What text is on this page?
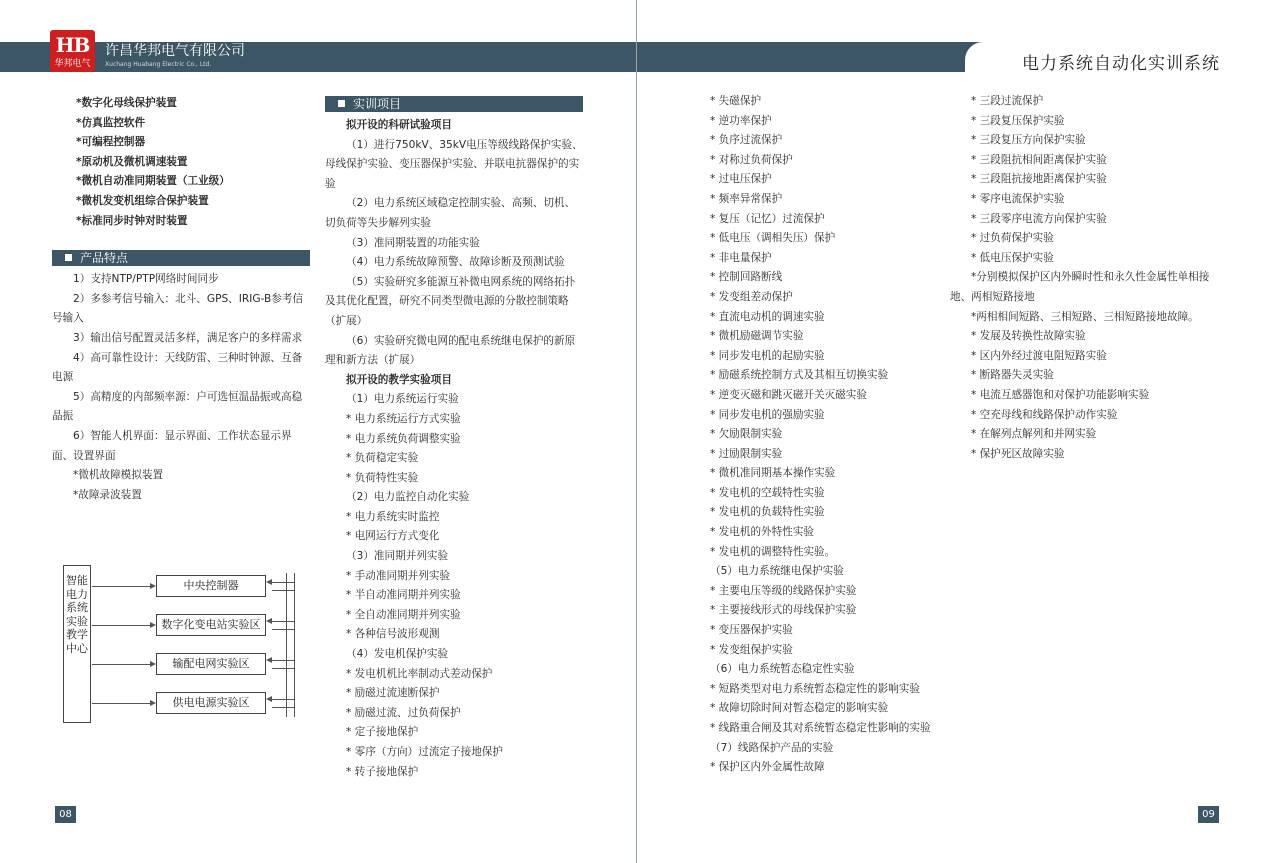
HB
华邦电气
许昌华邦电气有限公司
Xuchang Huabang Electric Co., Ltd.	电力系统自动化实训系统

*数字化母线保护装置

*仿真监控软件

*可编程控制器

*原动机及微机调速装置

*微机自动准同期装置（工业级）

*微机发变机组综合保护装置

*标准同步时钟对时装置

产品特点

1）支持NTP/PTP网络时间同步

2）多参考信号输入：北斗、GPS、IRIG-B参考信号输入

3）输出信号配置灵活多样，满足客户的多样需求

4）高可靠性设计：天线防雷、三种时钟源、互备电源

5）高精度的内部频率源：户可选恒温晶振或高稳晶振

6）智能人机界面：显示界面、工作状态显示界面、设置界面

*微机故障模拟装置

*故障录波装置

智能电力系统实验教学中心
中央控制器
数字化变电站实验区
输配电网实验区
供电电源实验区
实训项目

拟开设的科研试验项目

（1）进行750kV、35kV电压等级线路保护实验、母线保护实验、变压器保护实验、并联电抗器保护的实验

（2）电力系统区域稳定控制实验、高频、切机、切负荷等失步解列实验

（3）准同期装置的功能实验

（4）电力系统故障预警、故障诊断及预测试验

（5）实验研究多能源互补微电网系统的网络拓扑及其优化配置，研究不同类型微电源的分散控制策略（扩展）

（6）实验研究微电网的配电系统继电保护的新原理和新方法（扩展）

拟开设的教学实验项目

（1）电力系统运行实验

* 电力系统运行方式实验

* 电力系统负荷调整实验

* 负荷稳定实验

* 负荷特性实验

（2）电力监控自动化实验

* 电力系统实时监控

* 电网运行方式变化

（3）准同期并列实验

* 手动准同期并列实验

* 半自动准同期并列实验

* 全自动准同期并列实验

* 各种信号波形观测

（4）发电机保护实验

* 发电机机比率制动式差动保护

* 励磁过流速断保护

* 励磁过流、过负荷保护

* 定子接地保护

* 零序（方向）过流定子接地保护

* 转子接地保护

* 失磁保护

* 逆功率保护

* 负序过流保护

* 对称过负荷保护

* 过电压保护

* 频率异常保护

* 复压（记忆）过流保护

* 低电压（调相失压）保护

* 非电量保护

* 控制回路断线

* 发变组差动保护

* 直流电动机的调速实验

* 微机励磁调节实验

* 同步发电机的起励实验

* 励磁系统控制方式及其相互切换实验

* 逆变灭磁和跳灭磁开关灭磁实验

* 同步发电机的强励实验

* 欠励限制实验

* 过励限制实验

* 微机准同期基本操作实验

* 发电机的空载特性实验

* 发电机的负载特性实验

* 发电机的外特性实验

* 发电机的调整特性实验。

（5）电力系统继电保护实验

* 主要电压等级的线路保护实验

* 主要接线形式的母线保护实验

* 变压器保护实验

* 发变组保护实验

（6）电力系统暂态稳定性实验

* 短路类型对电力系统暂态稳定性的影响实验

* 故障切除时间对暂态稳定的影响实验

* 线路重合闸及其对系统暂态稳定性影响的实验

（7）线路保护产品的实验

* 保护区内外金属性故障

* 三段过流保护

* 三段复压保护实验

* 三段复压方向保护实验

* 三段阻抗相间距离保护实验

* 三段阻抗接地距离保护实验

* 零序电流保护实验

* 三段零序电流方向保护实验

* 过负荷保护实验

* 低电压保护实验

*分别模拟保护区内外瞬时性和永久性金属性单相接地、两相短路接地

*两相相间短路、三相短路、三相短路接地故障。

* 发展及转换性故障实验

* 区内外经过渡电阻短路实验

* 断路器失灵实验

* 电流互感器饱和对保护功能影响实验

* 空充母线和线路保护动作实验

* 在解列点解列和并网实验

* 保护死区故障实验

08	09
